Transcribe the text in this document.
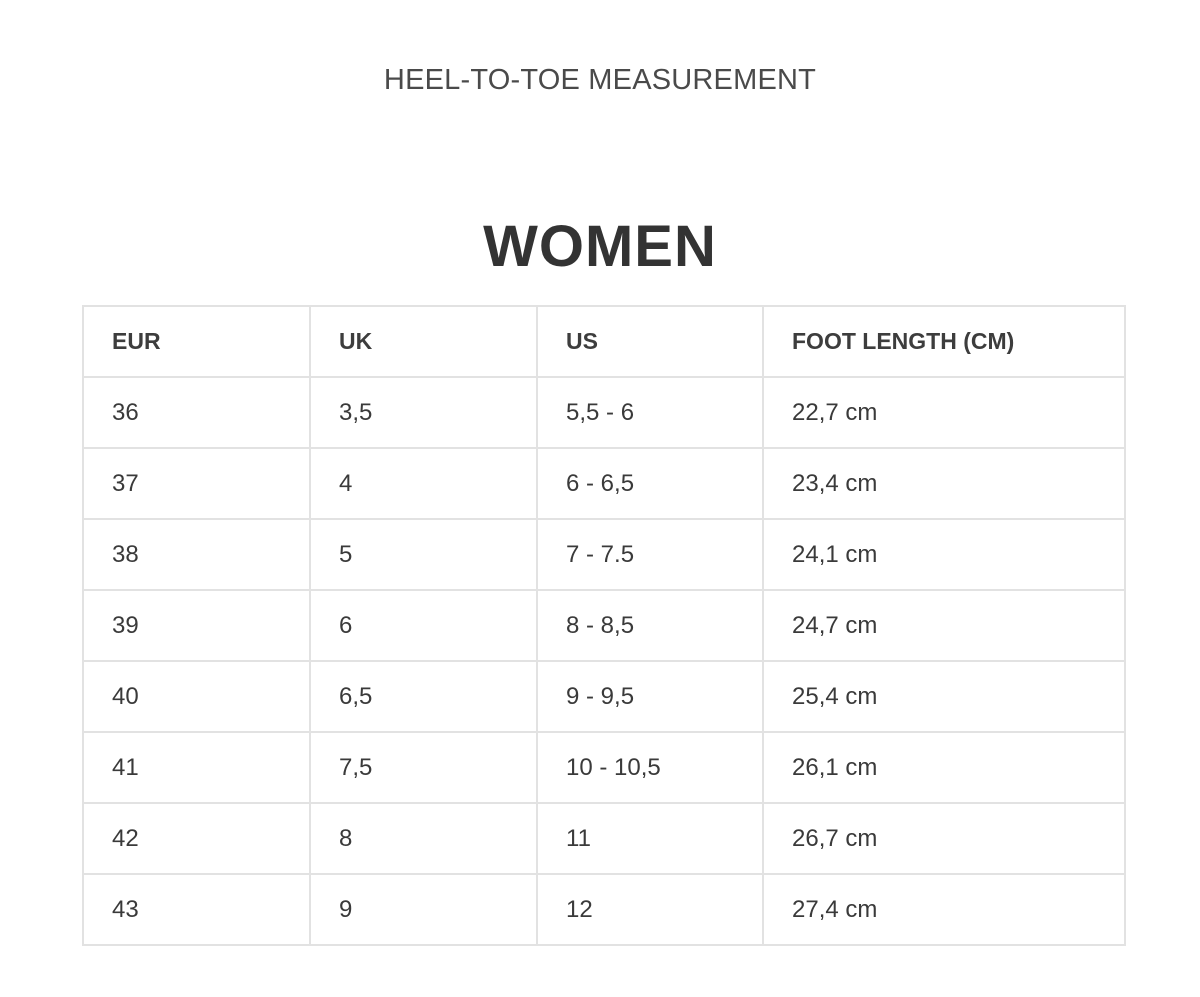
HEEL-TO-TOE MEASUREMENT
WOMEN
EUR	UK	US	FOOT LENGTH (CM)
36	3,5	5,5 - 6	22,7 cm
37	4	6 - 6,5	23,4 cm
38	5	7 - 7.5	24,1 cm
39	6	8 - 8,5	24,7 cm
40	6,5	9 - 9,5	25,4 cm
41	7,5	10 - 10,5	26,1 cm
42	8	11	26,7 cm
43	9	12	27,4 cm
